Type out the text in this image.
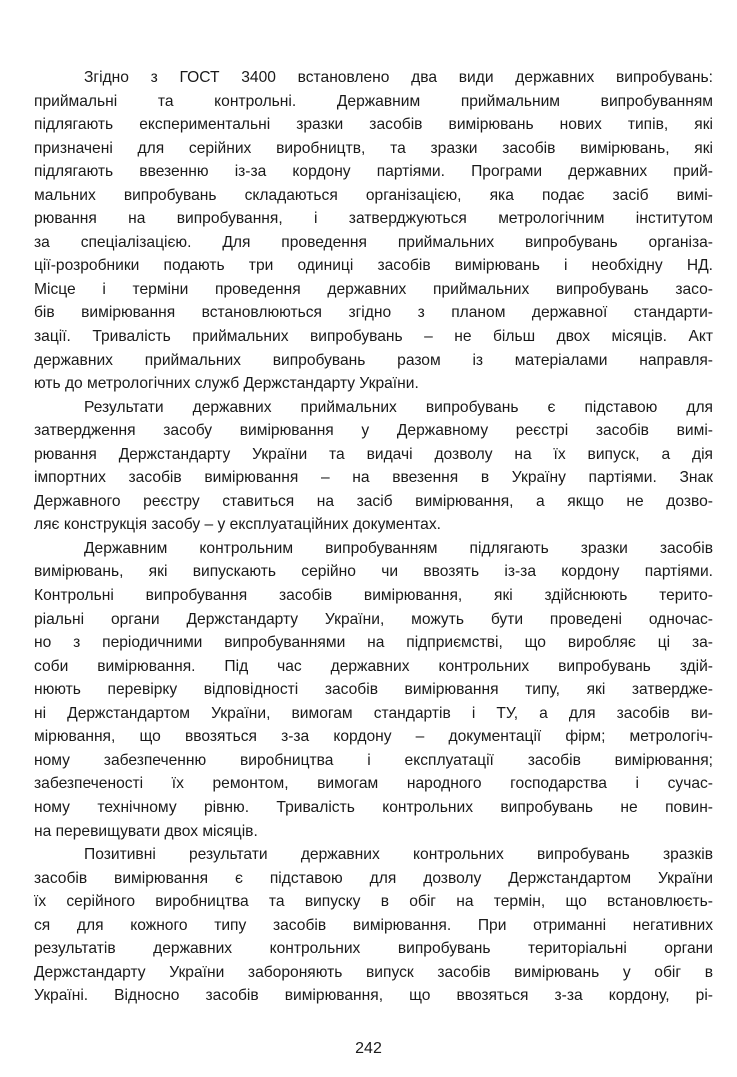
Згідно з ГОСТ 3400 встановлено два види державних випробувань:
приймальні та контрольні. Державним приймальним випробуванням
підлягають експериментальні зразки засобів вимірювань нових типів, які
призначені для серійних виробництв, та зразки засобів вимірювань, які
підлягають ввезенню із-за кордону партіями. Програми державних прий-
мальних випробувань складаються організацією, яка подає засіб вимі-
рювання на випробування, і затверджуються метрологічним інститутом
за спеціалізацією. Для проведення приймальних випробувань організа-
ції-розробники подають три одиниці засобів вимірювань і необхідну НД.
Місце і терміни проведення державних приймальних випробувань засо-
бів вимірювання встановлюються згідно з планом державної стандарти-
зації. Тривалість приймальних випробувань – не більш двох місяців. Акт
державних приймальних випробувань разом із матеріалами направля-
ють до метрологічних служб Держстандарту України.
Результати державних приймальних випробувань є підставою для
затвердження засобу вимірювання у Державному реєстрі засобів вимі-
рювання Держстандарту України та видачі дозволу на їх випуск, а дія
імпортних засобів вимірювання – на ввезення в Україну партіями. Знак
Державного реєстру ставиться на засіб вимірювання, а якщо не дозво-
ляє конструкція засобу – у експлуатаційних документах.
Державним контрольним випробуванням підлягають зразки засобів
вимірювань, які випускають серійно чи ввозять із-за кордону партіями.
Контрольні випробування засобів вимірювання, які здійснюють терито-
ріальні органи Держстандарту України, можуть бути проведені одночас-
но з періодичними випробуваннями на підприємстві, що виробляє ці за-
соби вимірювання. Під час державних контрольних випробувань здій-
нюють перевірку відповідності засобів вимірювання типу, які затвердже-
ні Держстандартом України, вимогам стандартів і ТУ, а для засобів ви-
мірювання, що ввозяться з-за кордону – документації фірм; метрологіч-
ному забезпеченню виробництва і експлуатації засобів вимірювання;
забезпеченості їх ремонтом, вимогам народного господарства і сучас-
ному технічному рівню. Тривалість контрольних випробувань не повин-
на перевищувати двох місяців.
Позитивні результати державних контрольних випробувань зразків
засобів вимірювання є підставою для дозволу Держстандартом України
їх серійного виробництва та випуску в обіг на термін, що встановлюєть-
ся для кожного типу засобів вимірювання. При отриманні негативних
результатів державних контрольних випробувань територіальні органи
Держстандарту України забороняють випуск засобів вимірювань у обіг в
Україні. Відносно засобів вимірювання, що ввозяться з-за кордону, рі-
242
